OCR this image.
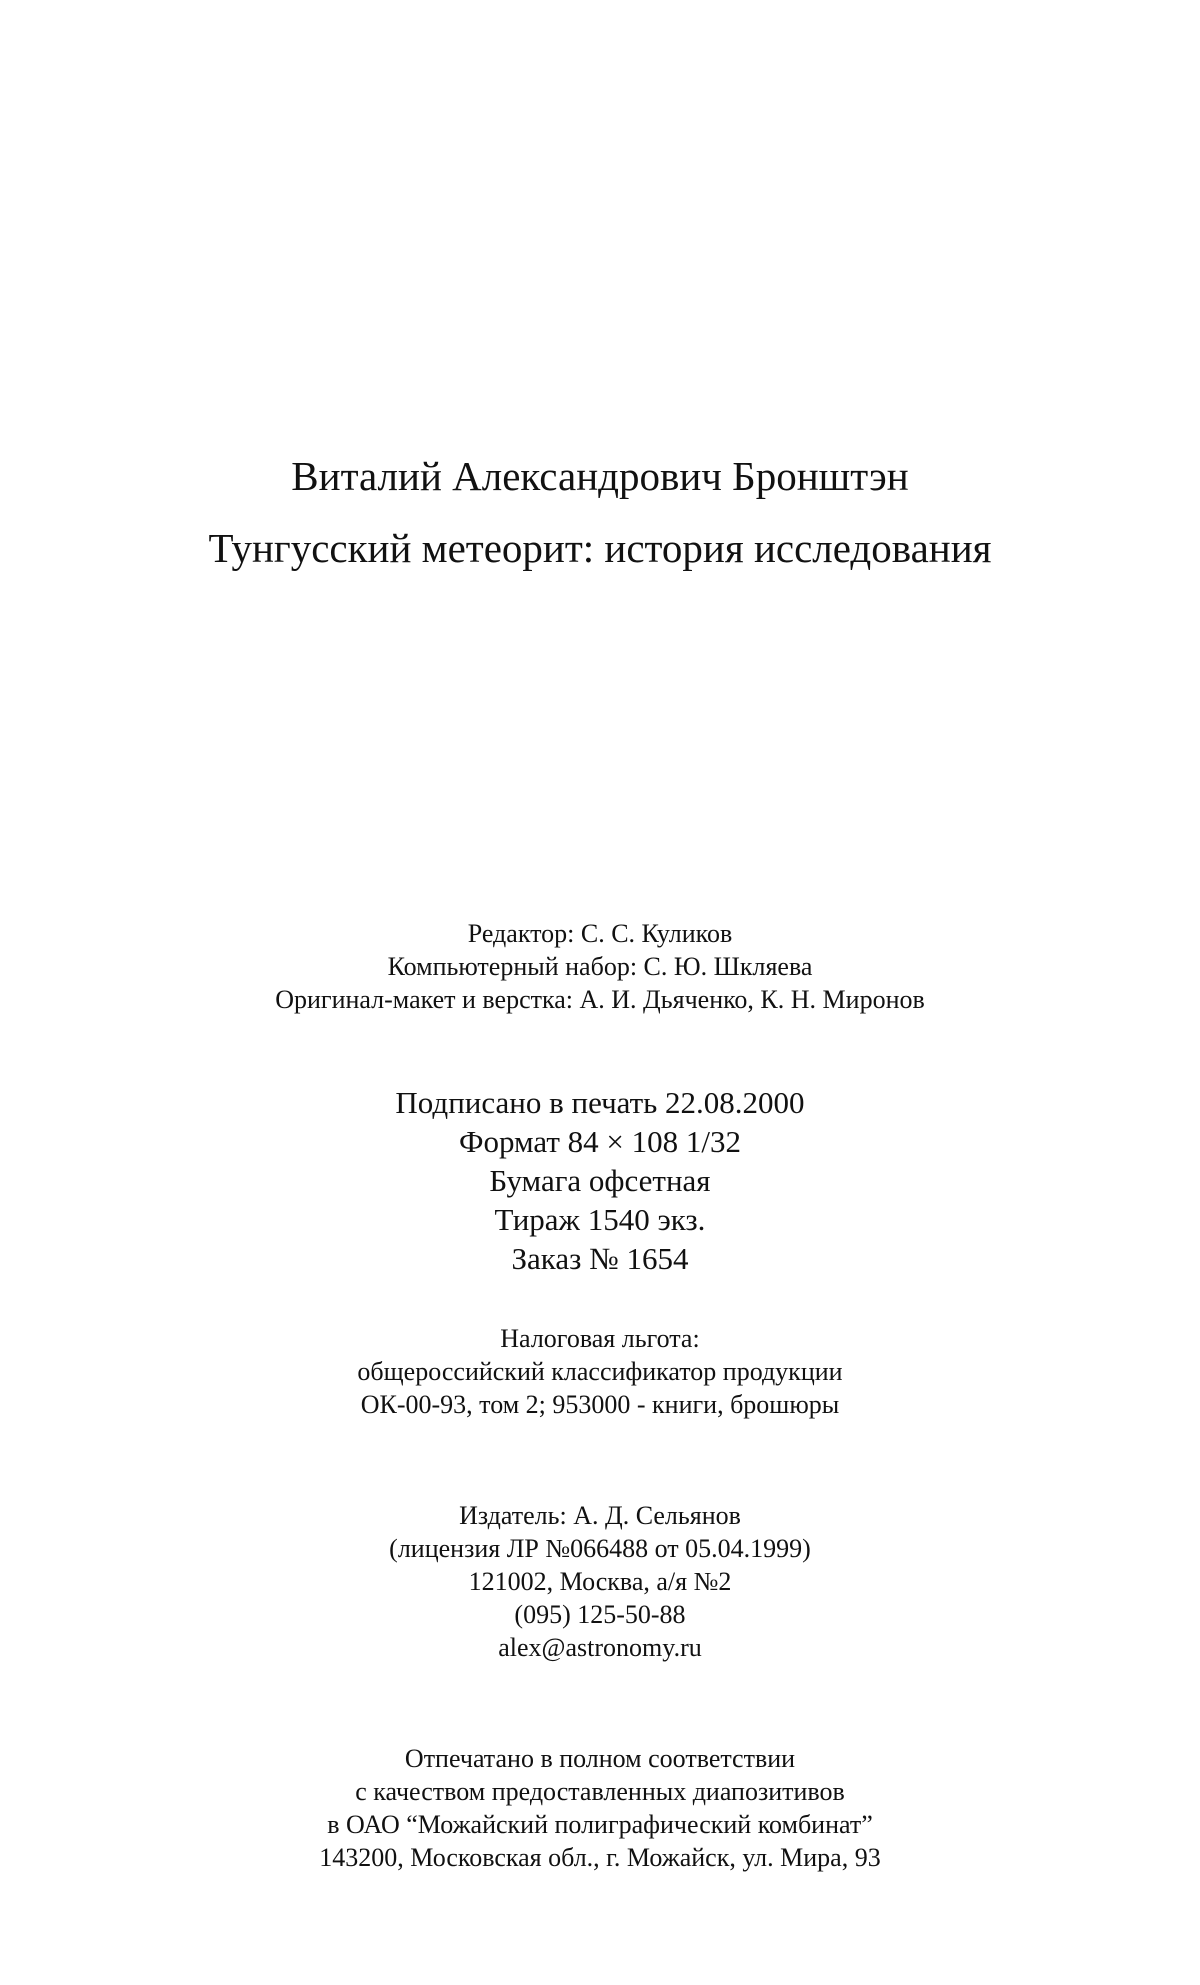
Виталий Александрович Бронштэн
Тунгусский метеорит: история исследования
Редактор: С. С. Куликов
Компьютерный набор: С. Ю. Шкляева
Оригинал-макет и верстка: А. И. Дьяченко, К. Н. Миронов
Подписано в печать 22.08.2000
Формат 84 × 108 1/32
Бумага офсетная
Тираж 1540 экз.
Заказ № 1654
Налоговая льгота:
общероссийский классификатор продукции
ОК-00-93, том 2; 953000 - книги, брошюры
Издатель: А. Д. Сельянов
(лицензия ЛР №066488 от 05.04.1999)
121002, Москва, а/я №2
(095) 125-50-88
alex@astronomy.ru
Отпечатано в полном соответствии
с качеством предоставленных диапозитивов
в ОАО “Можайский полиграфический комбинат”
143200, Московская обл., г. Можайск, ул. Мира, 93
